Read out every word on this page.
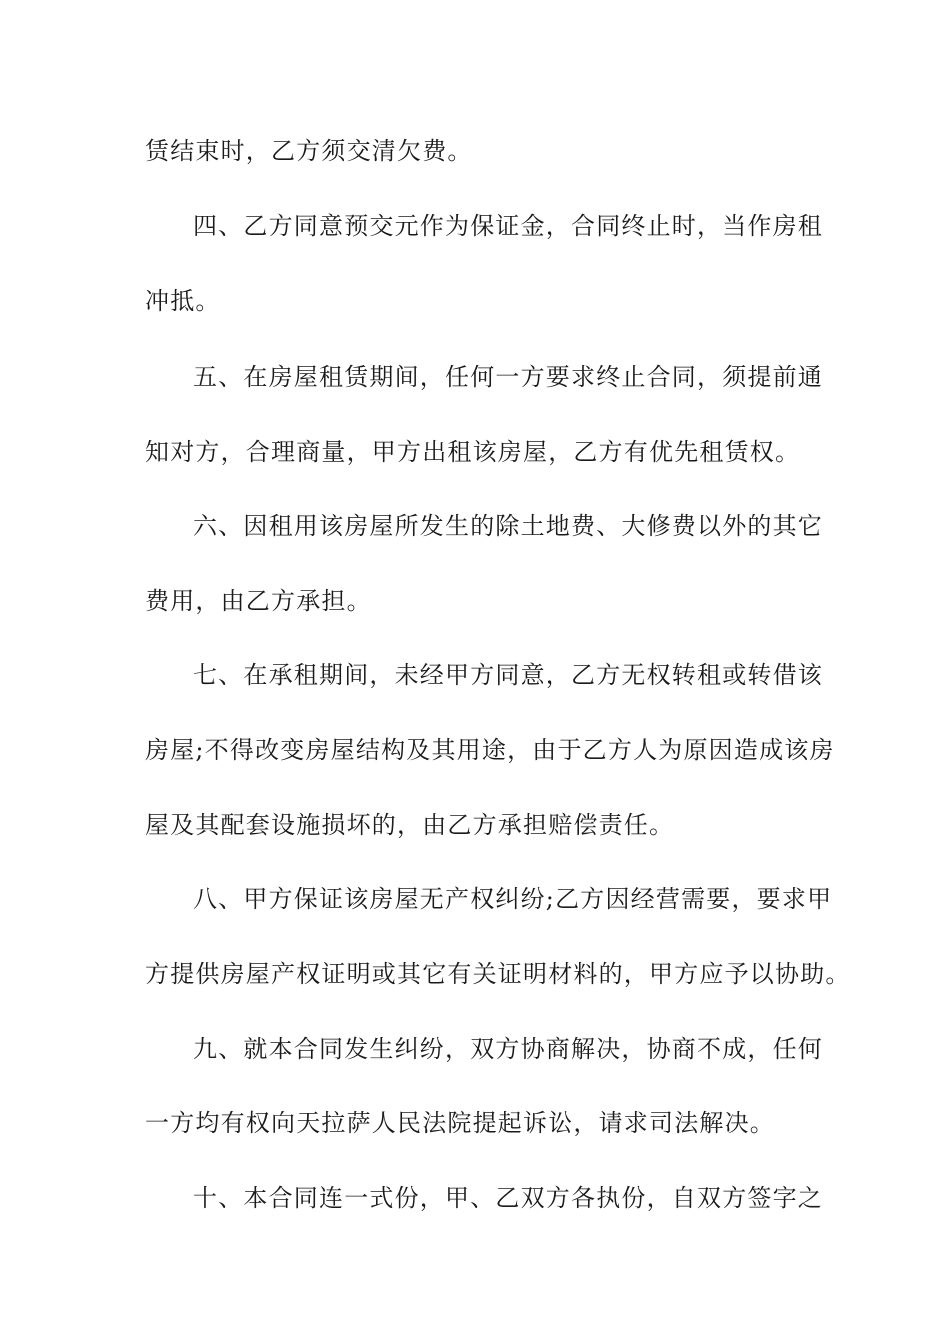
赁结束时，乙方须交清欠费。
四、乙方同意预交元作为保证金，合同终止时，当作房租
冲抵。
五、在房屋租赁期间，任何一方要求终止合同，须提前通
知对方，合理商量，甲方出租该房屋，乙方有优先租赁权。
六、因租用该房屋所发生的除土地费、大修费以外的其它
费用，由乙方承担。
七、在承租期间，未经甲方同意，乙方无权转租或转借该
房屋;不得改变房屋结构及其用途，由于乙方人为原因造成该房
屋及其配套设施损坏的，由乙方承担赔偿责任。
八、甲方保证该房屋无产权纠纷;乙方因经营需要，要求甲
方提供房屋产权证明或其它有关证明材料的，甲方应予以协助。
九、就本合同发生纠纷，双方协商解决，协商不成，任何
一方均有权向天拉萨人民法院提起诉讼，请求司法解决。
十、本合同连一式份，甲、乙双方各执份，自双方签字之
